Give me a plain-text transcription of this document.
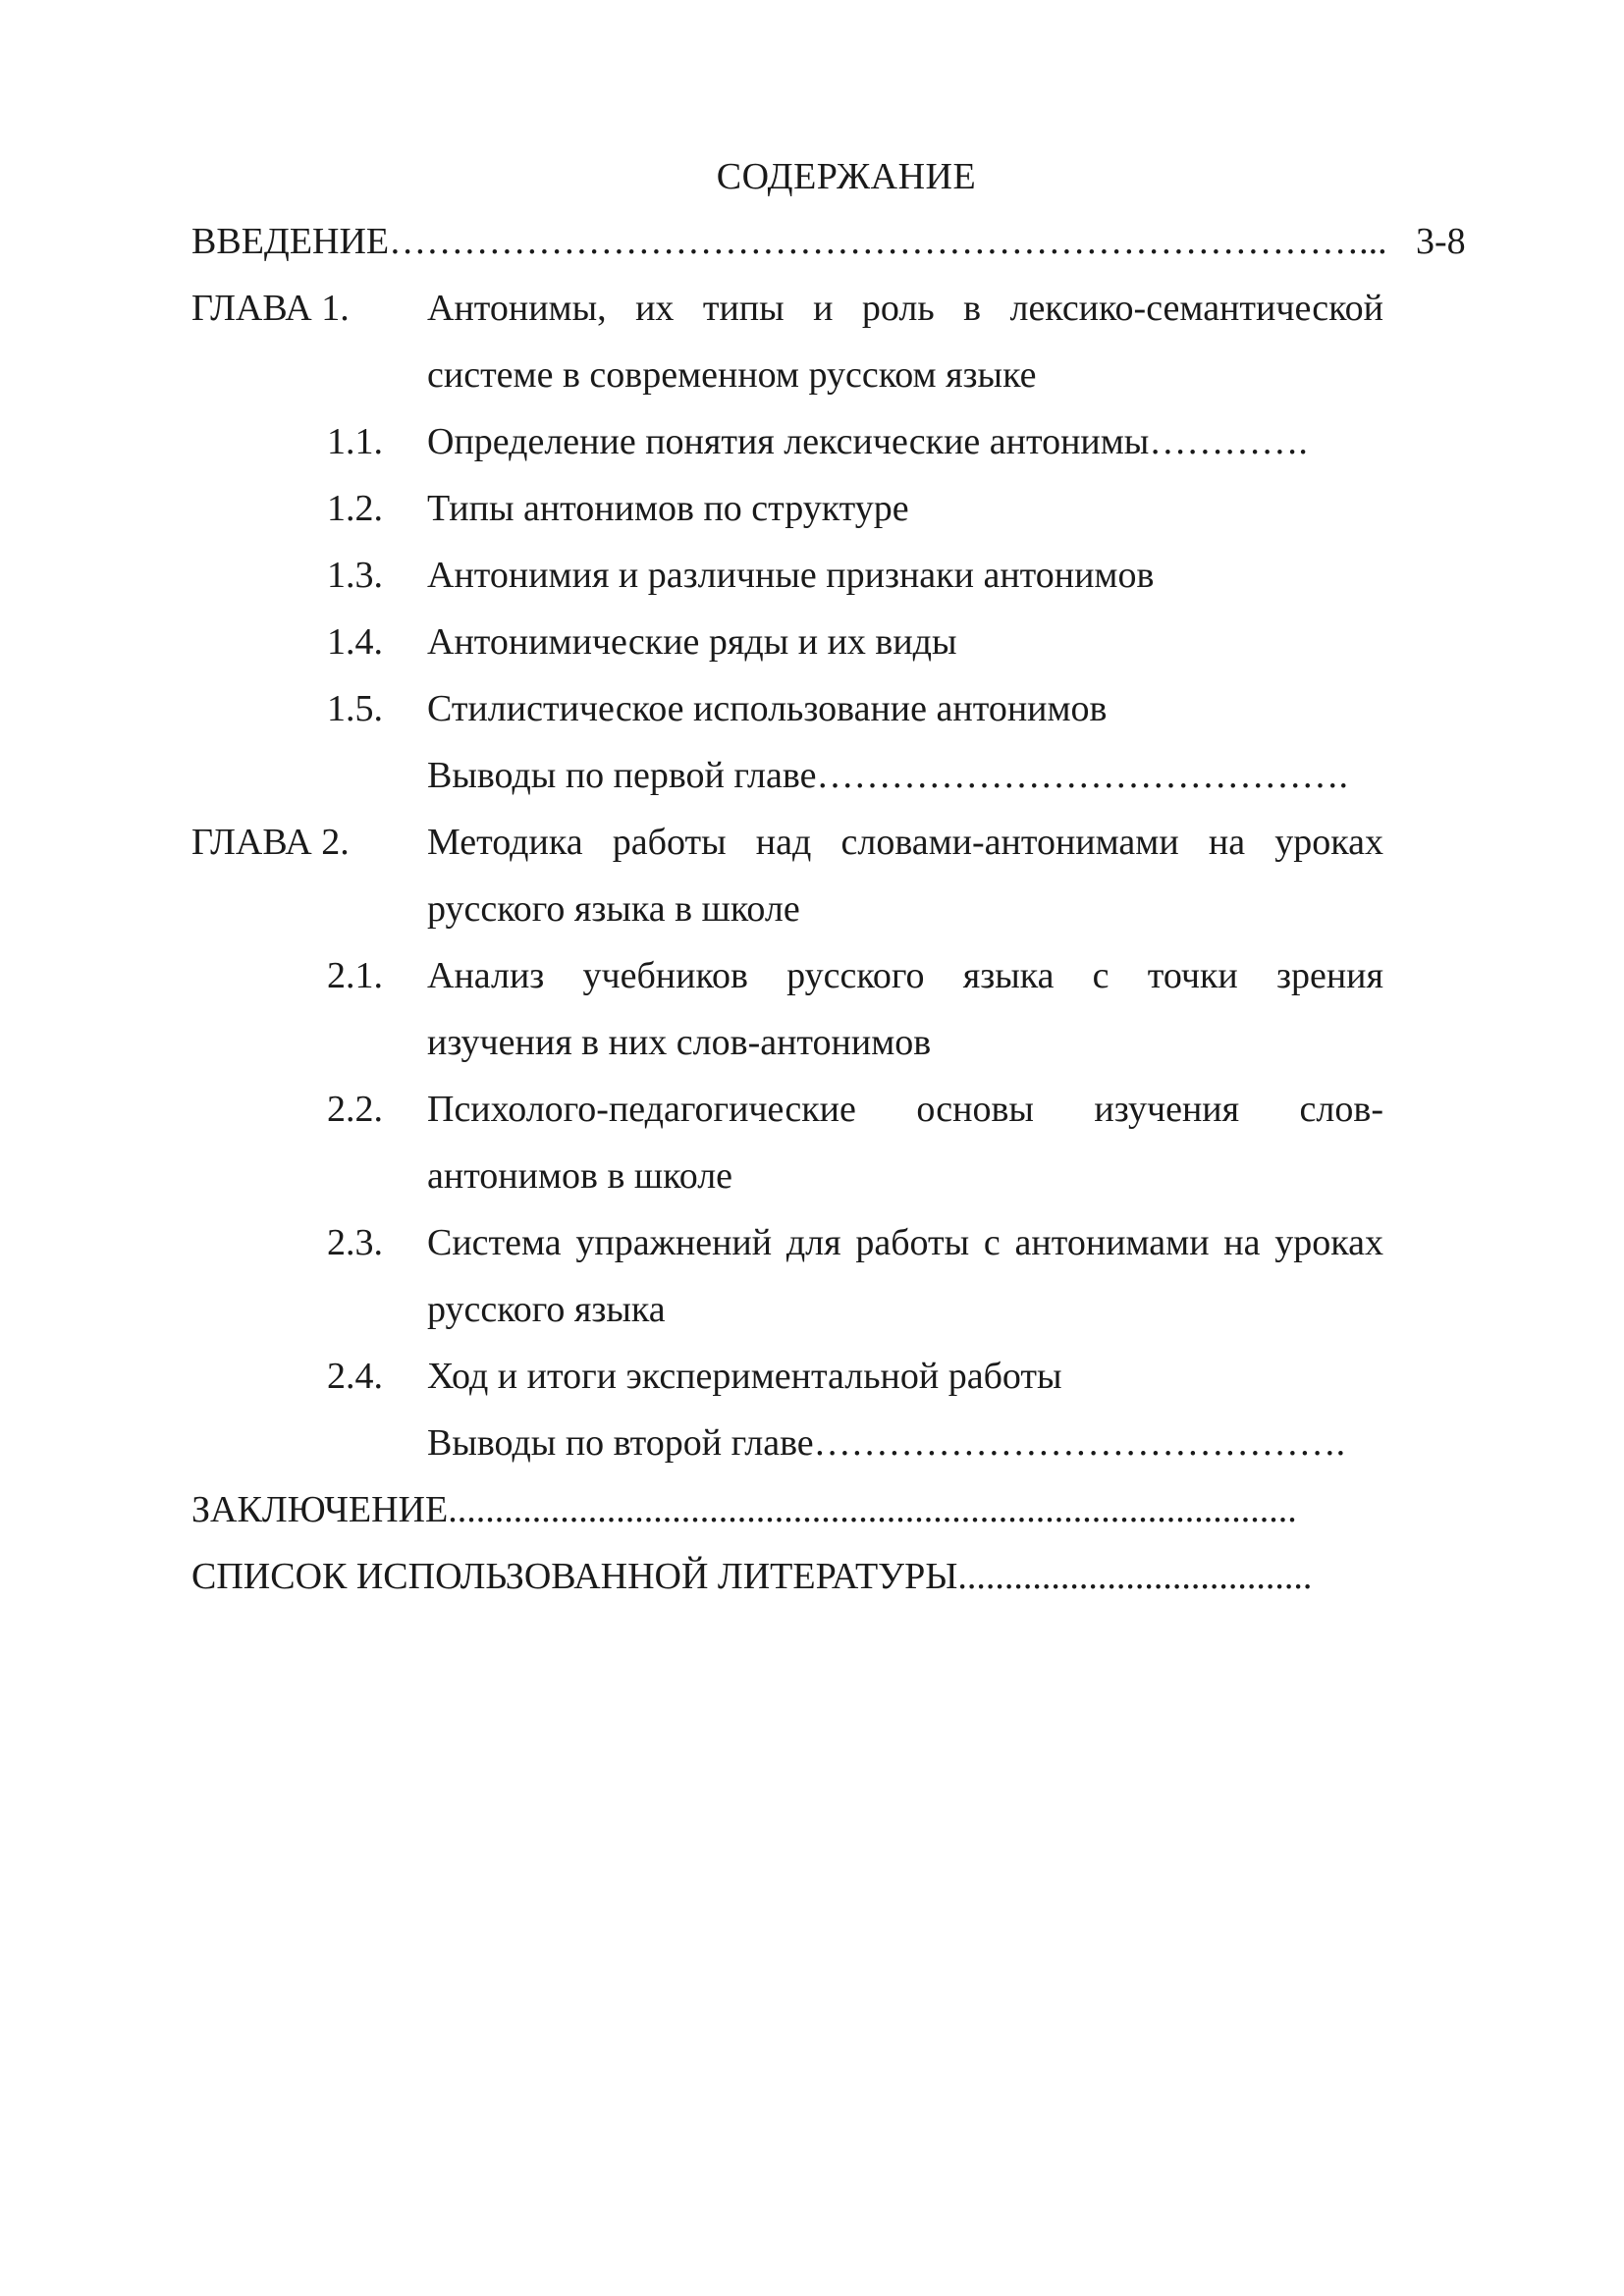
СОДЕРЖАНИЕ
ВВЕДЕНИЕ……………………………………………………………………... 3-8
ГЛАВА 1. Антонимы, их типы и роль в лексико-семантической
системе в современном русском языке
1.1. Определение понятия лексические антонимы………….
1.2. Типы антонимов по структуре
1.3. Антонимия и различные признаки антонимов
1.4. Антонимические ряды и их виды
1.5. Стилистическое использование антонимов
Выводы по первой главе…………………………………….
ГЛАВА 2. Методика работы над словами-антонимами на уроках
русского языка в школе
2.1. Анализ учебников русского языка с точки зрения
изучения в них слов-антонимов
2.2. Психолого-педагогические основы изучения слов-
антонимов в школе
2.3. Система упражнений для работы с антонимами на уроках
русского языка
2.4. Ход и итоги экспериментальной работы
Выводы по второй главе…………………………………….
ЗАКЛЮЧЕНИЕ...........................................................................................
СПИСОК ИСПОЛЬЗОВАННОЙ ЛИТЕРАТУРЫ......................................
